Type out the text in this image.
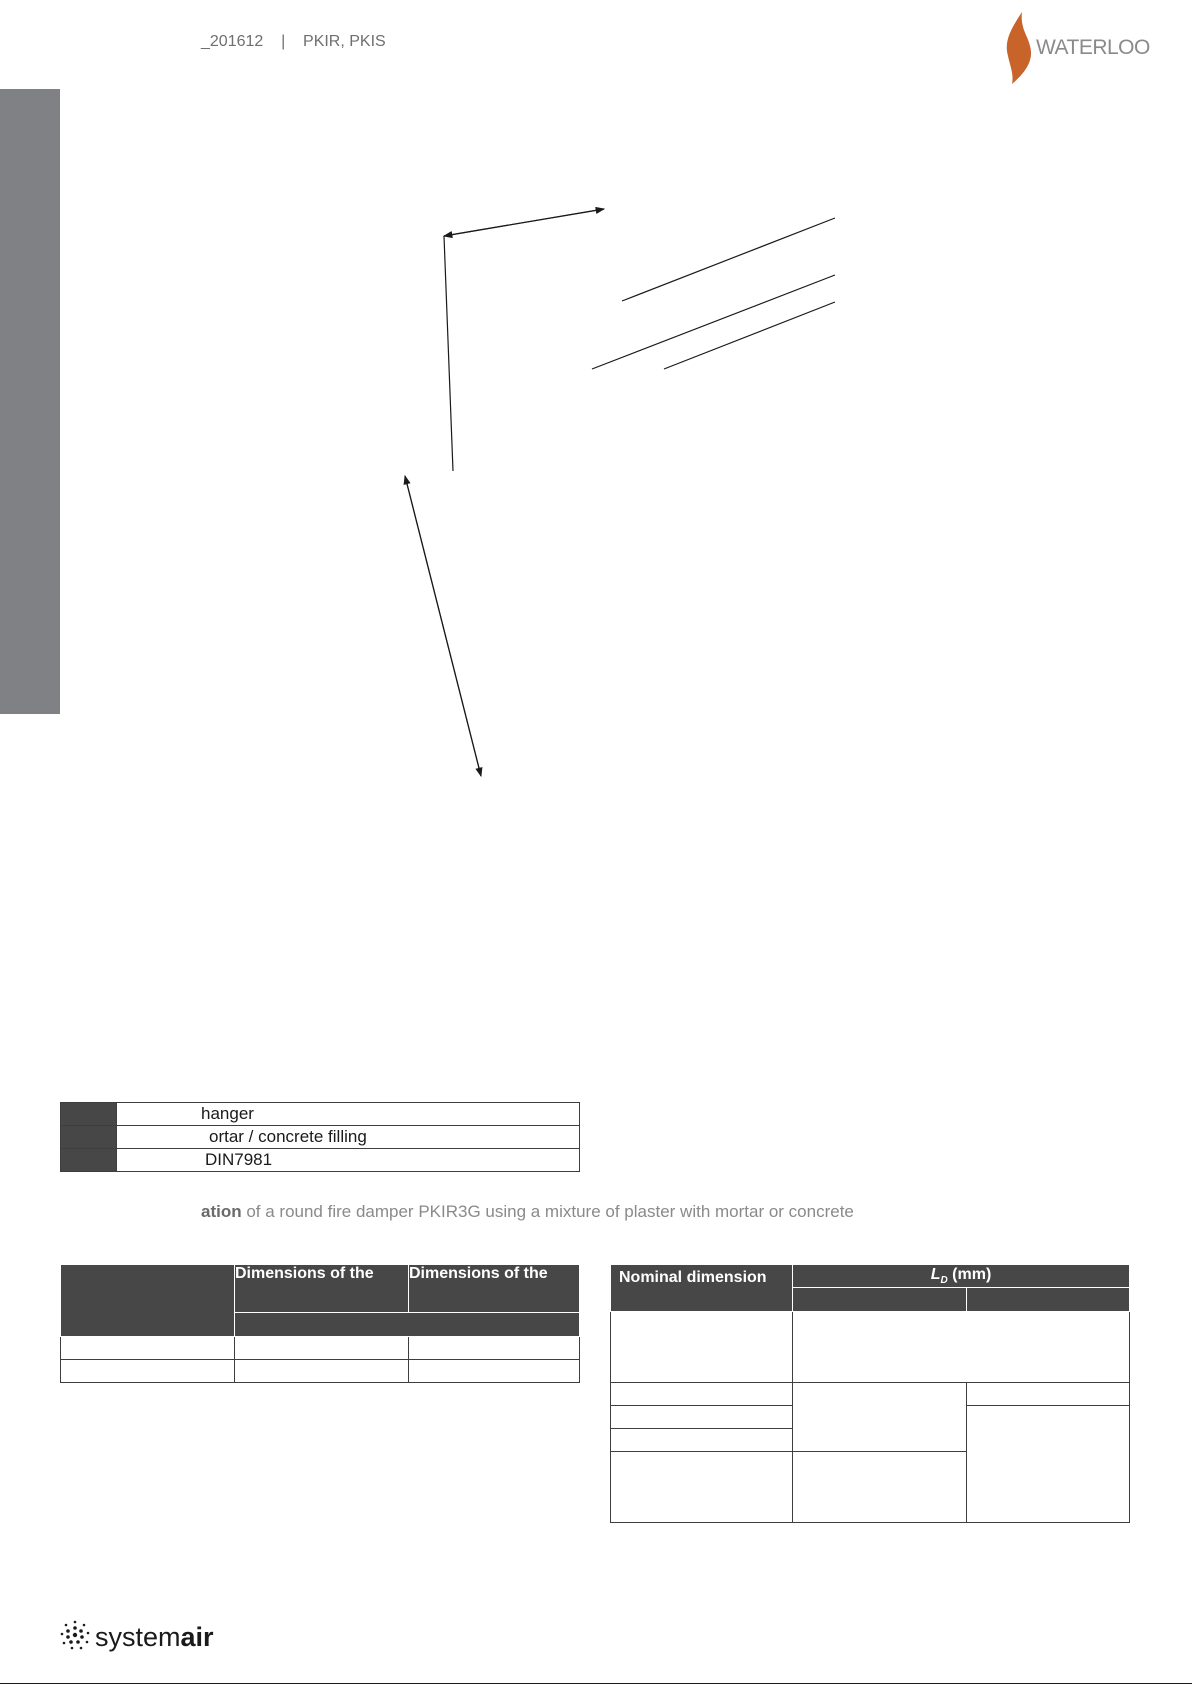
_201612 | PKIR, PKIS	WATERLOO
	hanger
	ortar / concrete filling
	DIN7981
ation of a round fire damper PKIR3G using a mixture of plaster with mortar or concrete
	Dimensions of the	Dimensions of the

			Nominal dimension	$L_D$ (mm)	

systemair
